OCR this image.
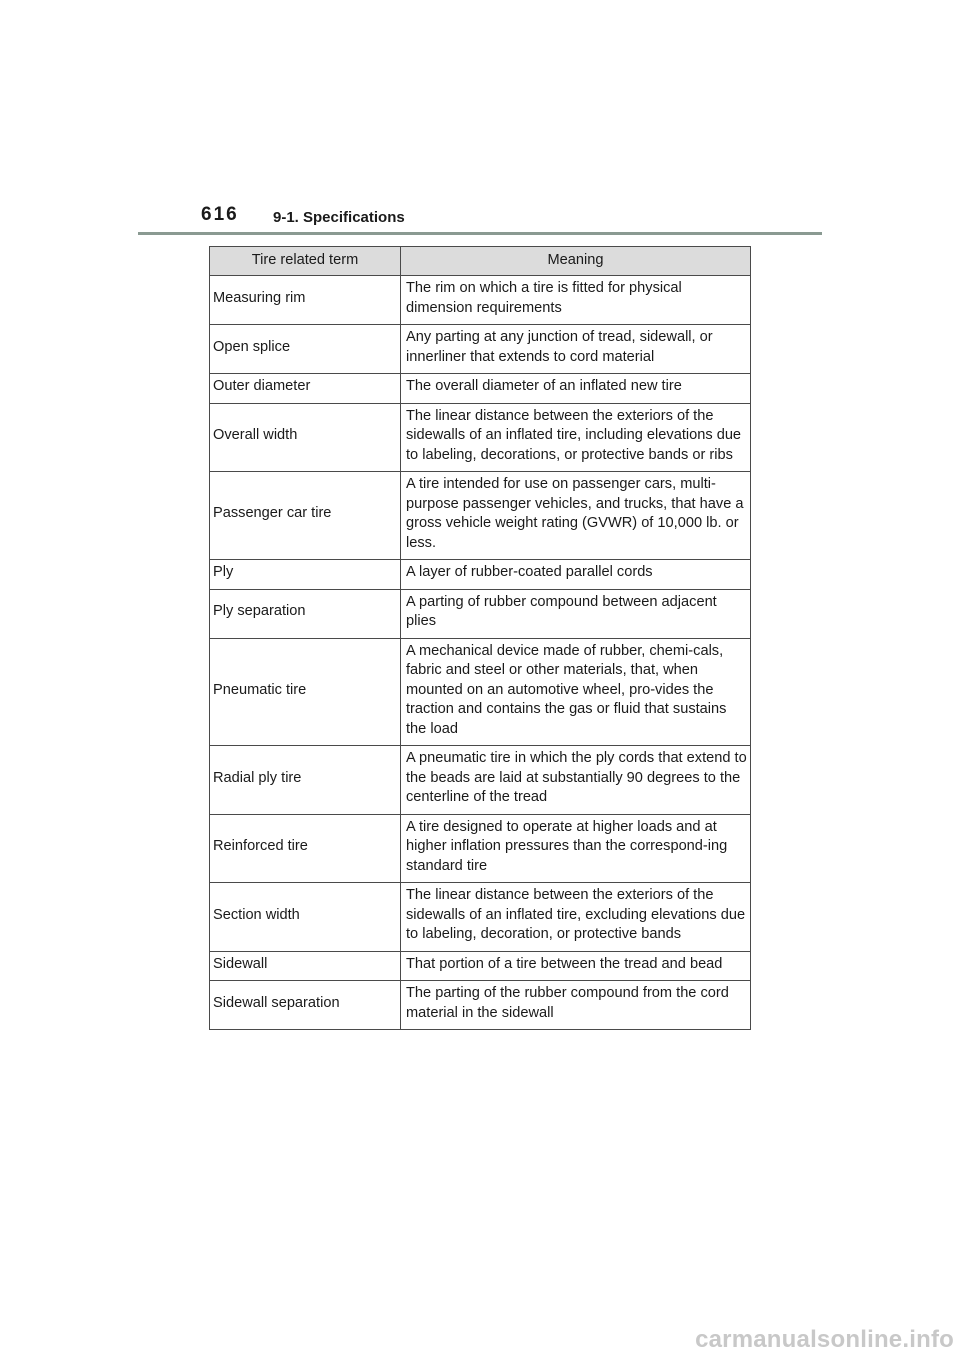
616 9-1. Specifications
Tire related term	Meaning
Measuring rim	The rim on which a tire is fitted for physical dimension requirements
Open splice	Any parting at any junction of tread, sidewall, or innerliner that extends to cord material
Outer diameter	The overall diameter of an inflated new tire
Overall width	The linear distance between the exteriors of the sidewalls of an inflated tire, including elevations due to labeling, decorations, or protective bands or ribs
Passenger car tire	A tire intended for use on passenger cars, multi-purpose passenger vehicles, and trucks, that have a gross vehicle weight rating (GVWR) of 10,000 lb. or less.
Ply	A layer of rubber-coated parallel cords
Ply separation	A parting of rubber compound between adjacent plies
Pneumatic tire	A mechanical device made of rubber, chemi-cals, fabric and steel or other materials, that, when mounted on an automotive wheel, pro-vides the traction and contains the gas or fluid that sustains the load
Radial ply tire	A pneumatic tire in which the ply cords that extend to the beads are laid at substantially 90 degrees to the centerline of the tread
Reinforced tire	A tire designed to operate at higher loads and at higher inflation pressures than the correspond-ing standard tire
Section width	The linear distance between the exteriors of the sidewalls of an inflated tire, excluding elevations due to labeling, decoration, or protective bands
Sidewall	That portion of a tire between the tread and bead
Sidewall separation	The parting of the rubber compound from the cord material in the sidewall
carmanualsonline.info
